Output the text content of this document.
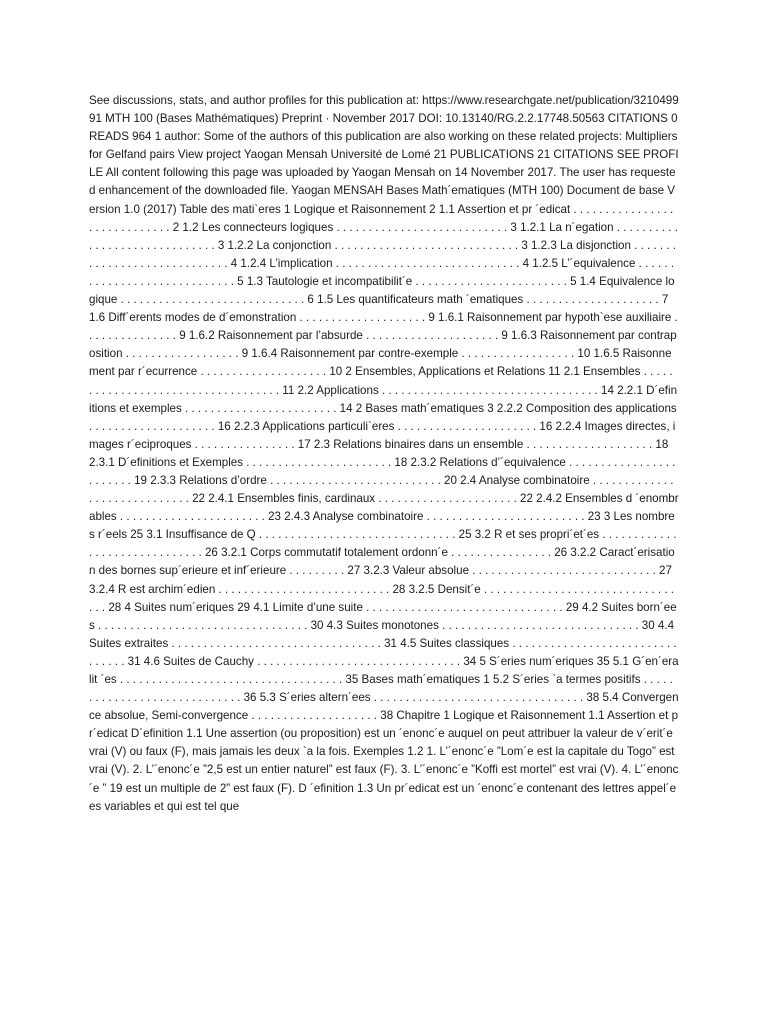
See discussions, stats, and author profiles for this publication at: https://www.researchgate.net/publication/321049991 MTH 100 (Bases Mathématiques) Preprint · November 2017 DOI: 10.13140/RG.2.2.17748.50563 CITATIONS 0 READS 964 1 author: Some of the authors of this publication are also working on these related projects: Multipliers for Gelfand pairs View project Yaogan Mensah Université de Lomé 21 PUBLICATIONS 21 CITATIONS SEE PROFILE All content following this page was uploaded by Yaogan Mensah on 14 November 2017. The user has requested enhancement of the downloaded file. Yaogan MENSAH Bases Math´ematiques (MTH 100) Document de base Version 1.0 (2017) Table des mati`eres 1 Logique et Raisonnement 2 1.1 Assertion et pr ´edicat . . . . . . . . . . . . . . . . . . . . . . . . . . . . . 2 1.2 Les connecteurs logiques . . . . . . . . . . . . . . . . . . . . . . . . . . . 3 1.2.1 La n´egation . . . . . . . . . . . . . . . . . . . . . . . . . . . . . . 3 1.2.2 La conjonction . . . . . . . . . . . . . . . . . . . . . . . . . . . . . 3 1.2.3 La disjonction . . . . . . . . . . . . . . . . . . . . . . . . . . . . . 4 1.2.4 L’implication . . . . . . . . . . . . . . . . . . . . . . . . . . . . . 4 1.2.5 L’´equivalence . . . . . . . . . . . . . . . . . . . . . . . . . . . . . 5 1.3 Tautologie et incompatibilit´e . . . . . . . . . . . . . . . . . . . . . . . . 5 1.4 Equivalence logique . . . . . . . . . . . . . . . . . . . . . . . . . . . . . 6 1.5 Les quantificateurs math ´ematiques . . . . . . . . . . . . . . . . . . . . . 7 1.6 Diff´erents modes de d´emonstration . . . . . . . . . . . . . . . . . . . . 9 1.6.1 Raisonnement par hypoth`ese auxiliaire . . . . . . . . . . . . . . . 9 1.6.2 Raisonnement par l’absurde . . . . . . . . . . . . . . . . . . . . . 9 1.6.3 Raisonnement par contraposition . . . . . . . . . . . . . . . . . . 9 1.6.4 Raisonnement par contre-exemple . . . . . . . . . . . . . . . . . . 10 1.6.5 Raisonnement par r´ecurrence . . . . . . . . . . . . . . . . . . . . 10 2 Ensembles, Applications et Relations 11 2.1 Ensembles . . . . . . . . . . . . . . . . . . . . . . . . . . . . . . . . . . . 11 2.2 Applications . . . . . . . . . . . . . . . . . . . . . . . . . . . . . . . . . . 14 2.2.1 D´efinitions et exemples . . . . . . . . . . . . . . . . . . . . . . . . 14 2 Bases math´ematiques 3 2.2.2 Composition des applications . . . . . . . . . . . . . . . . . . . . 16 2.2.3 Applications particuli`eres . . . . . . . . . . . . . . . . . . . . . . 16 2.2.4 Images directes, images r´eciproques . . . . . . . . . . . . . . . . 17 2.3 Relations binaires dans un ensemble . . . . . . . . . . . . . . . . . . . . 18 2.3.1 D´efinitions et Exemples . . . . . . . . . . . . . . . . . . . . . . . 18 2.3.2 Relations d’´equivalence . . . . . . . . . . . . . . . . . . . . . . . . 19 2.3.3 Relations d’ordre . . . . . . . . . . . . . . . . . . . . . . . . . . . 20 2.4 Analyse combinatoire . . . . . . . . . . . . . . . . . . . . . . . . . . . . . 22 2.4.1 Ensembles finis, cardinaux . . . . . . . . . . . . . . . . . . . . . . 22 2.4.2 Ensembles d ´enombrables . . . . . . . . . . . . . . . . . . . . . . . 23 2.4.3 Analyse combinatoire . . . . . . . . . . . . . . . . . . . . . . . . . 23 3 Les nombres r´eels 25 3.1 Insuffisance de Q . . . . . . . . . . . . . . . . . . . . . . . . . . . . . . . 25 3.2 R et ses propri´et´es . . . . . . . . . . . . . . . . . . . . . . . . . . . . . . 26 3.2.1 Corps commutatif totalement ordonn´e . . . . . . . . . . . . . . . . 26 3.2.2 Caract´erisation des bornes sup´erieure et inf´erieure . . . . . . . . . 27 3.2.3 Valeur absolue . . . . . . . . . . . . . . . . . . . . . . . . . . . . . 27 3.2.4 R est archim´edien . . . . . . . . . . . . . . . . . . . . . . . . . . . 28 3.2.5 Densit´e . . . . . . . . . . . . . . . . . . . . . . . . . . . . . . . . . 28 4 Suites num´eriques 29 4.1 Limite d’une suite . . . . . . . . . . . . . . . . . . . . . . . . . . . . . . . 29 4.2 Suites born´ees . . . . . . . . . . . . . . . . . . . . . . . . . . . . . . . . . 30 4.3 Suites monotones . . . . . . . . . . . . . . . . . . . . . . . . . . . . . . . 30 4.4 Suites extraites . . . . . . . . . . . . . . . . . . . . . . . . . . . . . . . . . 31 4.5 Suites classiques . . . . . . . . . . . . . . . . . . . . . . . . . . . . . . . . 31 4.6 Suites de Cauchy . . . . . . . . . . . . . . . . . . . . . . . . . . . . . . . . 34 5 S´eries num´eriques 35 5.1 G´en´eralit ´es . . . . . . . . . . . . . . . . . . . . . . . . . . . . . . . . . . . 35 Bases math´ematiques 1 5.2 S´eries `a termes positifs . . . . . . . . . . . . . . . . . . . . . . . . . . . . . 36 5.3 S´eries altern´ees . . . . . . . . . . . . . . . . . . . . . . . . . . . . . . . . . 38 5.4 Convergence absolue, Semi-convergence . . . . . . . . . . . . . . . . . . . . 38 Chapitre 1 Logique et Raisonnement 1.1 Assertion et pr´edicat D´efinition 1.1 Une assertion (ou proposition) est un ´enonc´e auquel on peut attribuer la valeur de v´erit´e vrai (V) ou faux (F), mais jamais les deux `a la fois. Exemples 1.2 1. L’´enonc´e ”Lom´e est la capitale du Togo” est vrai (V). 2. L’´enonc´e ”2,5 est un entier naturel” est faux (F). 3. L’´enonc´e ”Koffi est mortel” est vrai (V). 4. L’´enonc´e ” 19 est un multiple de 2” est faux (F). D ´efinition 1.3 Un pr´edicat est un ´enonc´e contenant des lettres appel´ees variables et qui est tel que
